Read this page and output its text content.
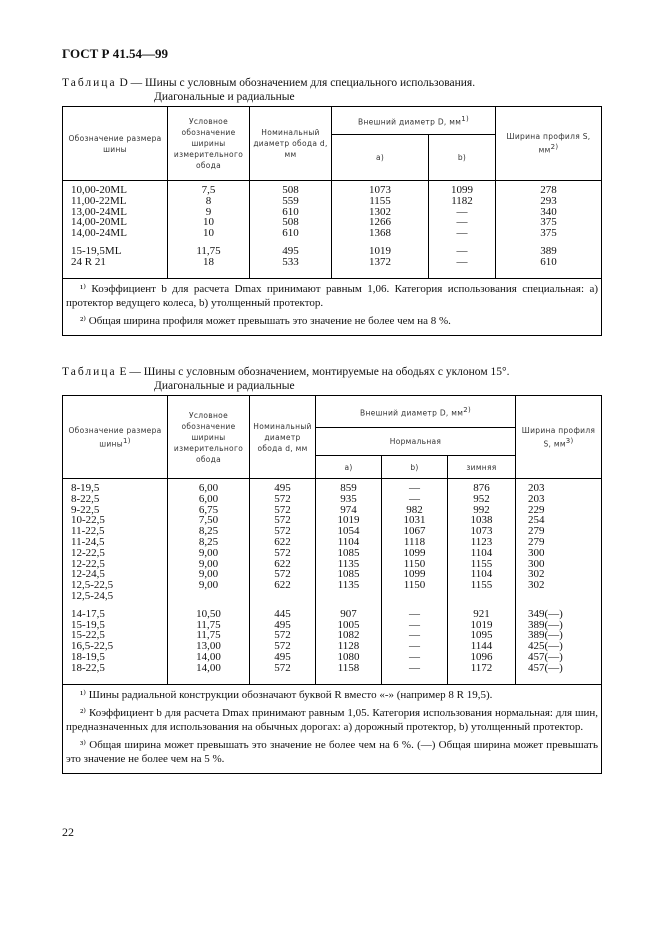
ГОСТ Р 41.54—99
Таблица D — Шины с условным обозначением для специального использования.
Диагональные и радиальные
Обозначение размера шины	Условное обозначение ширины измерительного обода	Номинальный диаметр обода d, мм	Внешний диаметр D, $мм^{1)}$		Ширина профиля S, $мм^{2)}$
			a)	b)	
10,00-20ML	7,5	508	1073	1099	278
11,00-22ML	8	559	1155	1182	293
13,00-24ML	9	610	1302	—	340
14,00-20ML	10	508	1266	—	375
14,00-24ML	10	610	1368	—	375

15-19,5ML	11,75	495	1019	—	389
24 R 21	18	533	1372	—	610

¹⁾ Коэффициент b для расчета Dmax принимают равным 1,06. Категория использования специальная: a) протектор ведущего колеса, b) утолщенный протектор.

²⁾ Общая ширина профиля может превышать это значение не более чем на 8 %.					

Таблица E — Шины с условным обозначением, монтируемые на ободьях с уклоном 15°.
Диагональные и радиальные
Обозначение размера шины$^{1)}$	Условное обозначение ширины измерительного обода	Номинальный диаметр обода d, мм	Внешний диаметр D, $мм^{2)}$			Ширина профиля S, $мм^{3)}$
			Нормальная			
			a)	b)	зимняя	
8-19,5	6,00	495	859	—	876	203
8-22,5	6,00	572	935	—	952	203
9-22,5	6,75	572	974	982	992	229
10-22,5	7,50	572	1019	1031	1038	254
11-22,5	8,25	572	1054	1067	1073	279
11-24,5	8,25	622	1104	1118	1123	279
12-22,5	9,00	572	1085	1099	1104	300
12-22,5	9,00	622	1135	1150	1155	300
12-24,5	9,00	572	1085	1099	1104	302
12,5-22,5	9,00	622	1135	1150	1155	302
12,5-24,5						

14-17,5	10,50	445	907	—	921	349(—)
15-19,5	11,75	495	1005	—	1019	389(—)
15-22,5	11,75	572	1082	—	1095	389(—)
16,5-22,5	13,00	572	1128	—	1144	425(—)
18-19,5	14,00	495	1080	—	1096	457(—)
18-22,5	14,00	572	1158	—	1172	457(—)

¹⁾ Шины радиальной конструкции обозначают буквой R вместо «-» (например 8 R 19,5).

²⁾ Коэффициент b для расчета Dmax принимают равным 1,05. Категория использования нормальная: для шин, предназначенных для использования на обычных дорогах: a) дорожный протектор, b) утолщенный протектор.

³⁾ Общая ширина может превышать это значение не более чем на 6 %. (—) Общая ширина может превышать это значение не более чем на 5 %.						

22
